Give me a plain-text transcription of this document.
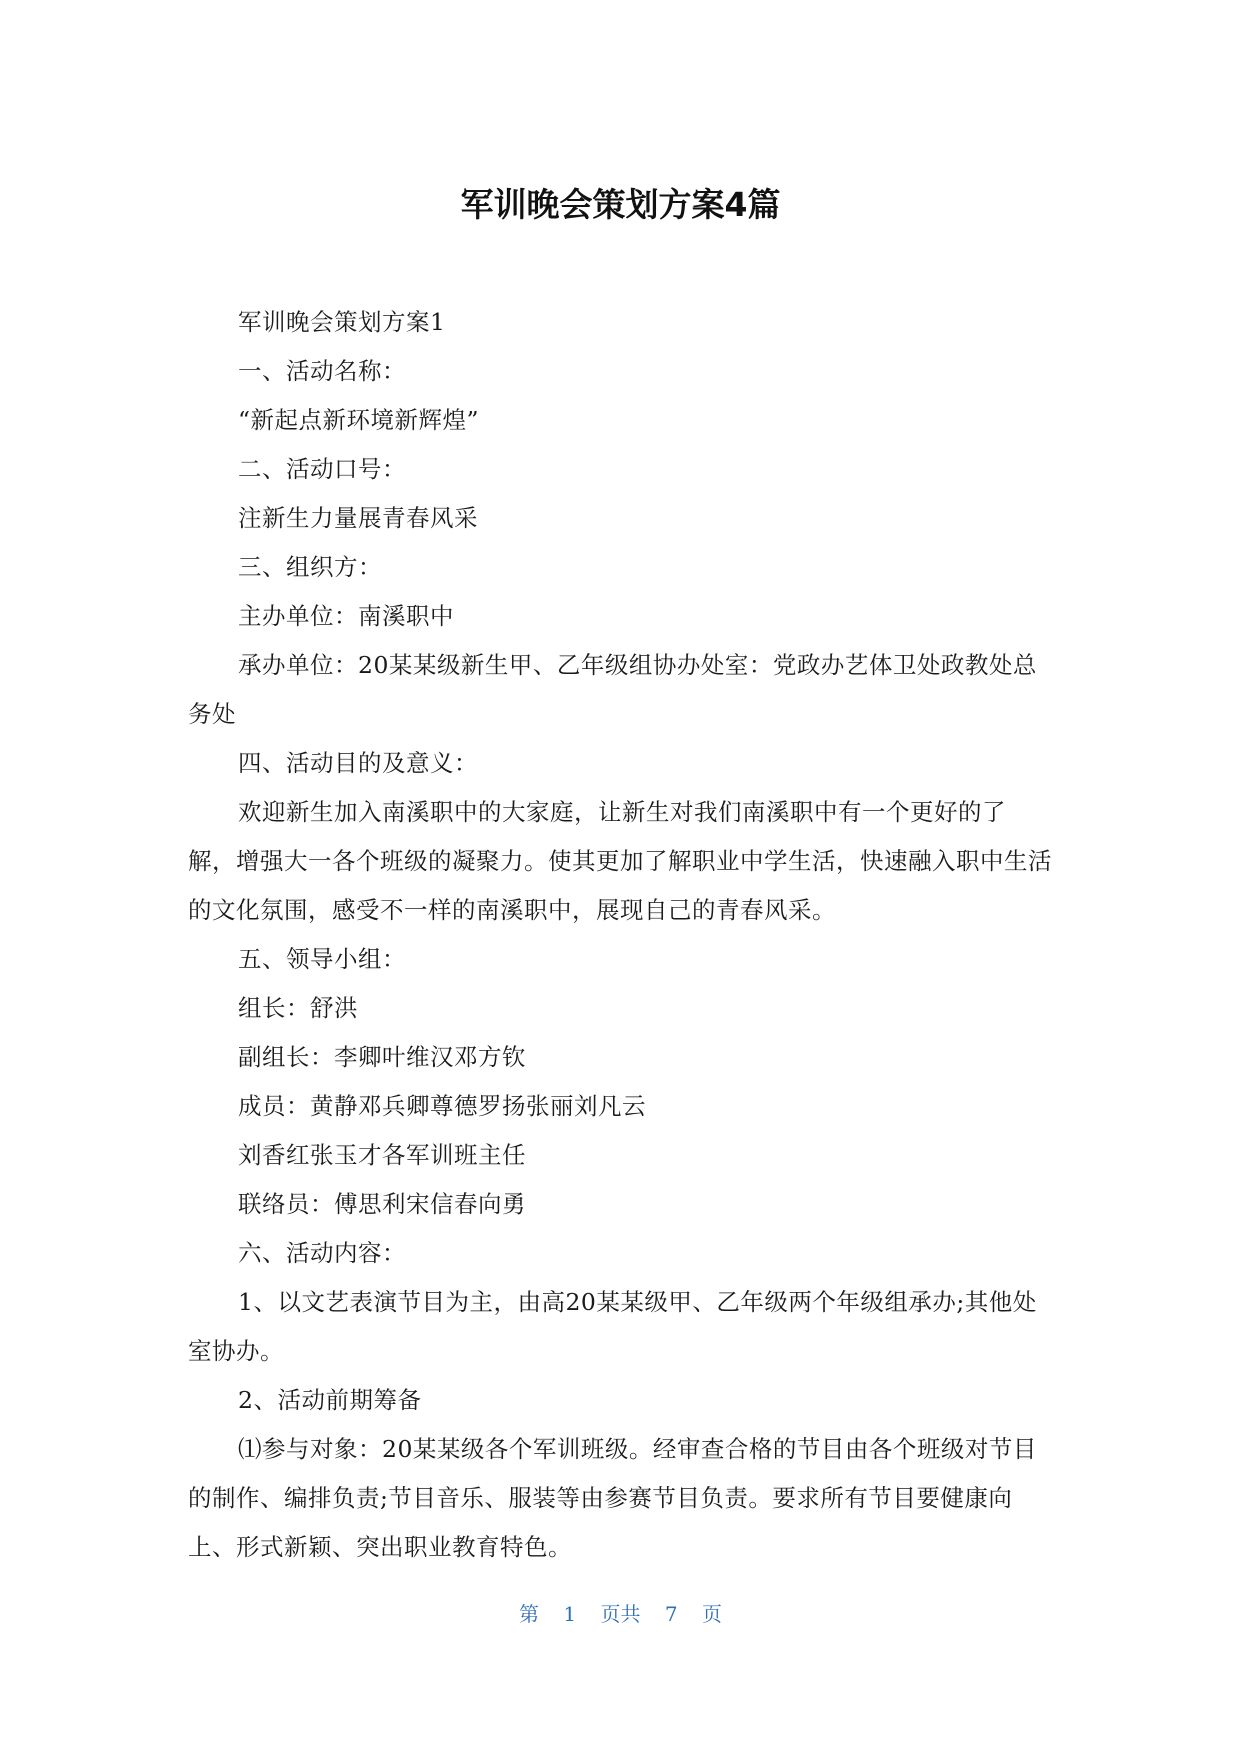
军训晚会策划方案4篇

军训晚会策划方案1

一、活动名称：

“新起点新环境新辉煌”

二、活动口号：

注新生力量展青春风采

三、组织方：

主办单位：南溪职中

承办单位：20某某级新生甲、乙年级组协办处室：党政办艺体卫处政教处总务处

四、活动目的及意义：

欢迎新生加入南溪职中的大家庭，让新生对我们南溪职中有一个更好的了解，增强大一各个班级的凝聚力。使其更加了解职业中学生活，快速融入职中生活的文化氛围，感受不一样的南溪职中，展现自己的青春风采。

五、领导小组：

组长：舒洪

副组长：李卿叶维汉邓方钦

成员：黄静邓兵卿尊德罗扬张丽刘凡云

刘香红张玉才各军训班主任

联络员：傅思利宋信春向勇

六、活动内容：

1、以文艺表演节目为主，由高20某某级甲、乙年级两个年级组承办;其他处室协办。

2、活动前期筹备

⑴参与对象：20某某级各个军训班级。经审查合格的节目由各个班级对节目的制作、编排负责;节目音乐、服装等由参赛节目负责。要求所有节目要健康向上、形式新颖、突出职业教育特色。

第 1 页共 7 页
